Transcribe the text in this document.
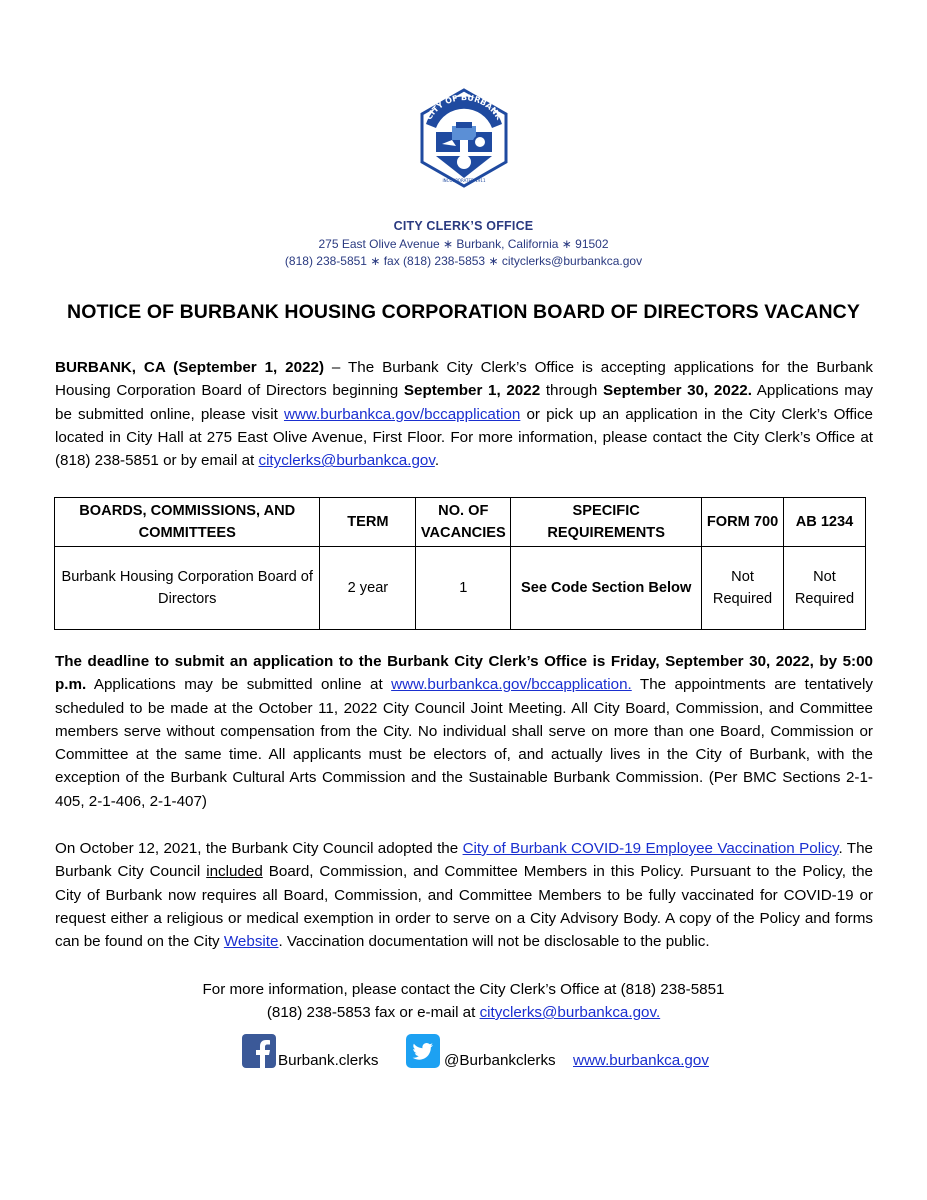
CITY OF BURBANK
INCORPORATED 1911
CITY CLERK’S OFFICE
275 East Olive Avenue ∗ Burbank, California ∗ 91502
(818) 238-5851 ∗ fax (818) 238-5853 ∗ cityclerks@burbankca.gov
NOTICE OF BURBANK HOUSING CORPORATION BOARD OF DIRECTORS VACANCY
BURBANK, CA (September 1, 2022) – The Burbank City Clerk’s Office is accepting applications for the Burbank Housing Corporation Board of Directors beginning September 1, 2022 through September 30, 2022. Applications may be submitted online, please visit www.burbankca.gov/bccapplication or pick up an application in the City Clerk’s Office located in City Hall at 275 East Olive Avenue, First Floor. For more information, please contact the City Clerk’s Office at (818) 238-5851 or by email at cityclerks@burbankca.gov.
BOARDS, COMMISSIONS, AND COMMITTEES	TERM	NO. OF VACANCIES	SPECIFIC REQUIREMENTS	FORM 700	AB 1234
Burbank Housing Corporation Board of Directors	2 year	1	See Code Section Below	Not Required	Not Required
The deadline to submit an application to the Burbank City Clerk’s Office is Friday, September 30, 2022, by 5:00 p.m. Applications may be submitted online at www.burbankca.gov/bccapplication. The appointments are tentatively scheduled to be made at the October 11, 2022 City Council Joint Meeting. All City Board, Commission, and Committee members serve without compensation from the City. No individual shall serve on more than one Board, Commission or Committee at the same time. All applicants must be electors of, and actually lives in the City of Burbank, with the exception of the Burbank Cultural Arts Commission and the Sustainable Burbank Commission. (Per BMC Sections 2-1-405, 2-1-406, 2-1-407)
On October 12, 2021, the Burbank City Council adopted the City of Burbank COVID-19 Employee Vaccination Policy. The Burbank City Council included Board, Commission, and Committee Members in this Policy. Pursuant to the Policy, the City of Burbank now requires all Board, Commission, and Committee Members to be fully vaccinated for COVID-19 or request either a religious or medical exemption in order to serve on a City Advisory Body. A copy of the Policy and forms can be found on the City Website. Vaccination documentation will not be disclosable to the public.
For more information, please contact the City Clerk’s Office at (818) 238-5851
(818) 238-5853 fax or e-mail at cityclerks@burbankca.gov.
Burbank.clerks	@Burbankclerks www.burbankca.gov
